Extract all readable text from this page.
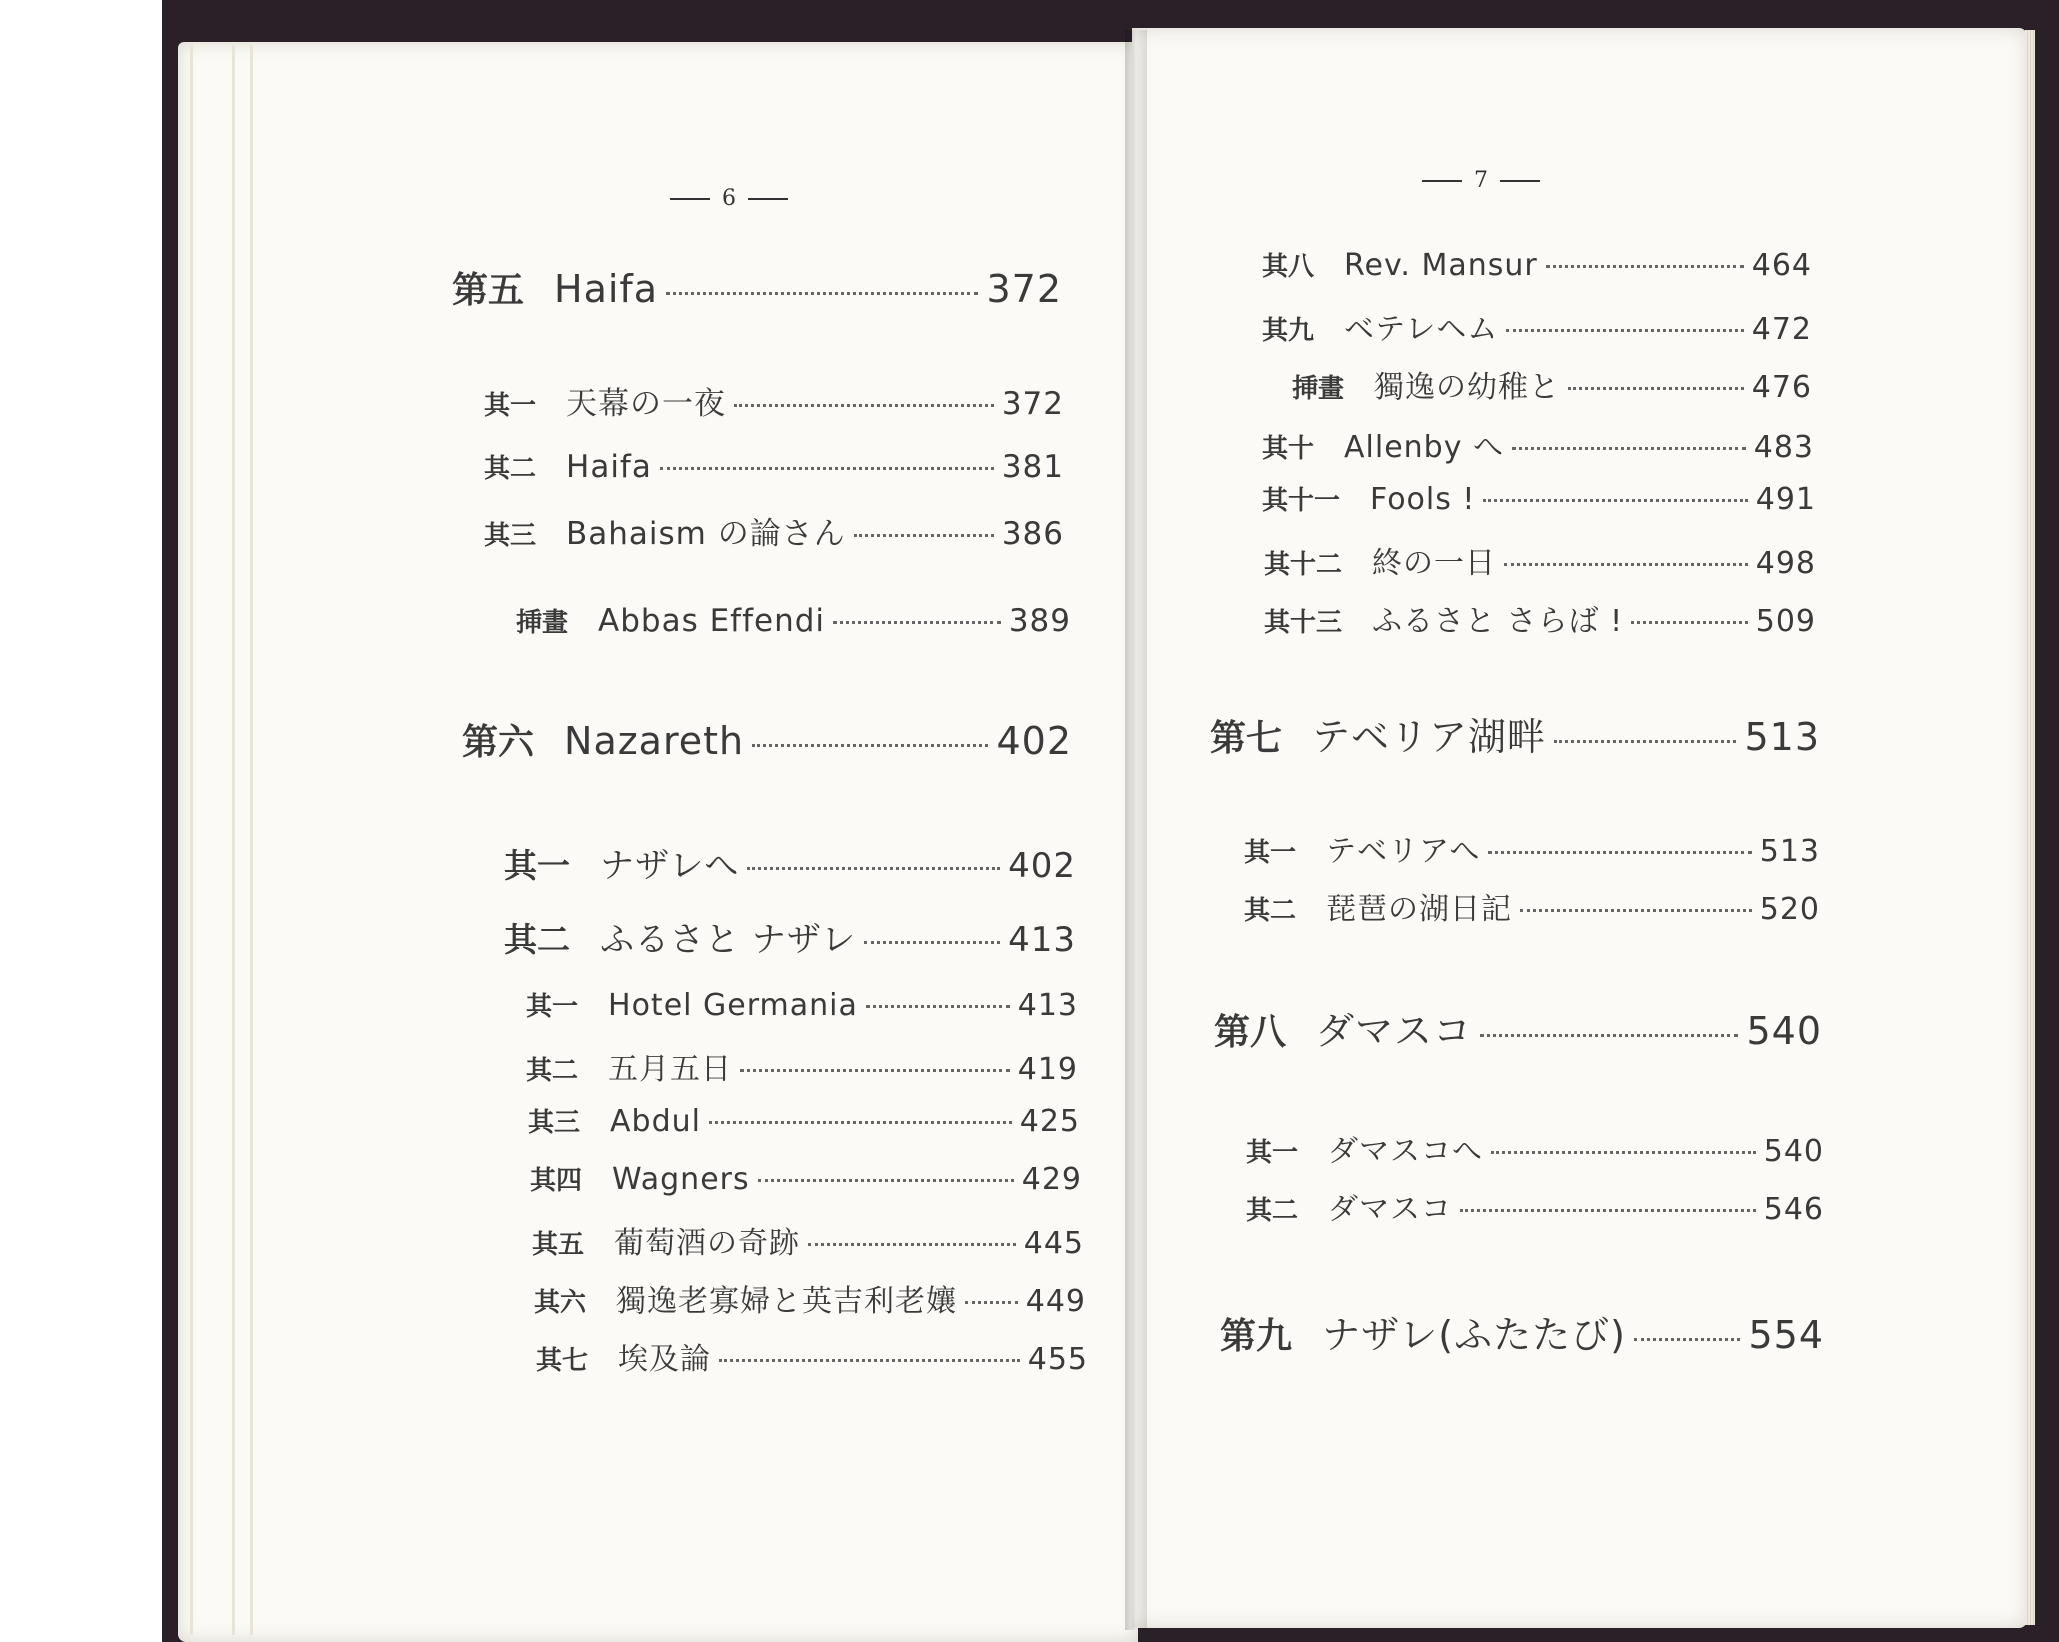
6
第五 Haifa	372
其一 天幕の一夜	372
其二 Haifa	381
其三 Bahaism の論さん	386
挿畫 Abbas Effendi	389
第六 Nazareth	402
其一 ナザレへ	402
其二 ふるさと ナザレ	413
其一 Hotel Germania	413
其二 五月五日	419
其三 Abdul	425
其四 Wagners	429
其五 葡萄酒の奇跡	445
其六 獨逸老寡婦と英吉利老孃 449
其七 埃及論	455
7
其八 Rev. Mansur	464
其九 ベテレヘム	472
挿畫 獨逸の幼稚と	476
其十 Allenby へ	483
其十一 Fools !	491
其十二 終の一日	498
其十三 ふるさと さらば !	509
第七 テベリア湖畔	513
其一 テベリアへ	513
其二 琵琶の湖日記	520
第八 ダマスコ	540
其一 ダマスコへ	540
其二 ダマスコ	546
第九 ナザレ(ふたたび)	554
